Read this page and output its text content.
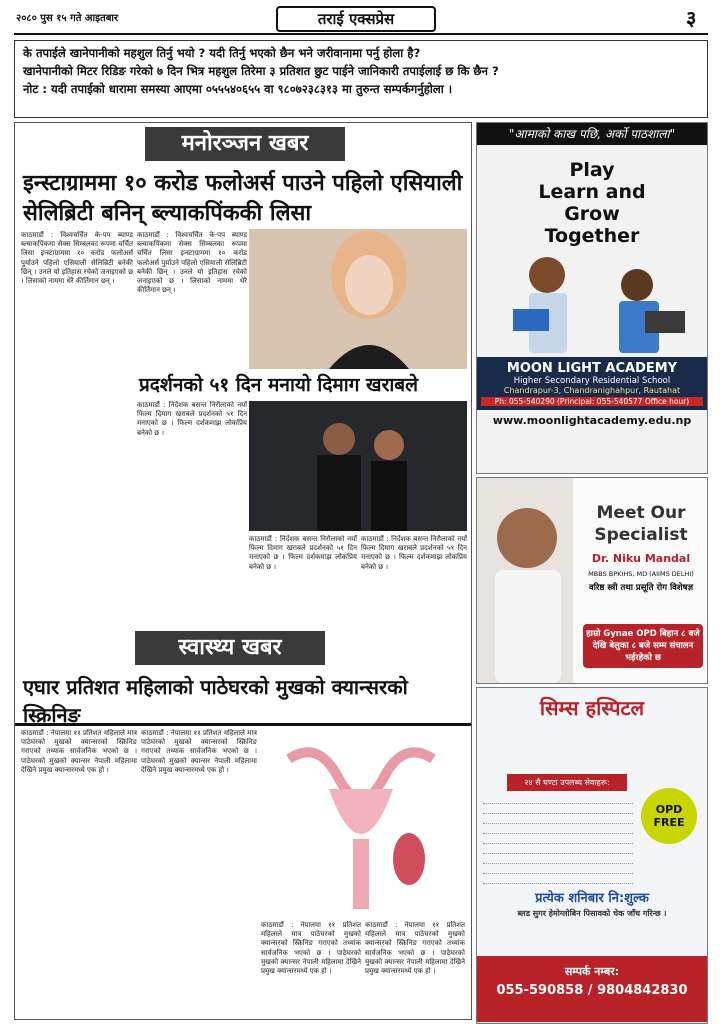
२०८० पुस १५ गते आइतबार	तराई एक्सप्रेस	३

के तपाईले खानेपानीको महशुल तिर्नु भयो ? यदी तिर्नु भएको छैन भने जरीवानामा पर्नु होला है?

खानेपानीको मिटर रिडिङ गरेको ७ दिन भित्र महशुल तिरेमा ३ प्रतिशत छुट पाईने जानिकारी तपाईलाई छ कि छैन ?

नोट : यदी तपाईको धारामा समस्या आएमा ०५५५४०६५५ वा ९८०७२३८३१३ मा तुरुन्त सम्पर्कगर्नुहोला ।

मनोरञ्जन खबर
इन्स्टाग्राममा १० करोड फलोअर्स पाउने पहिलो एसियाली सेलिब्रिटी बनिन् ब्ल्याकपिंककी लिसा
काठमाडौं : विश्वचर्चित के-पप ब्याण्ड ब्ल्याकपिंकमा सेक्स सिम्बलका रूपमा चर्चित लिसा इन्स्टाग्राममा १० करोड फलोअर्स पुर्याउने पहिलो एसियाली सेलिब्रिटी बनेकी छिन् । उनले यो इतिहास रचेको जनाइएको छ । लिसाको नाममा धेरै कीर्तिमान छन् ।
काठमाडौं : विश्वचर्चित के-पप ब्याण्ड ब्ल्याकपिंकमा सेक्स सिम्बलका रूपमा चर्चित लिसा इन्स्टाग्राममा १० करोड फलोअर्स पुर्याउने पहिलो एसियाली सेलिब्रिटी बनेकी छिन् । उनले यो इतिहास रचेको जनाइएको छ । लिसाको नाममा धेरै कीर्तिमान छन् ।
प्रदर्शनको ५१ दिन मनायो दिमाग खराबले
काठमाडौं : निर्देशक बसन्त निरौलाको नयाँ फिल्म दिमाग खराबले प्रदर्शनको ५१ दिन मनाएको छ । फिल्म दर्शकमाझ लोकप्रिय बनेको छ ।
काठमाडौं : निर्देशक बसन्त निरौलाको नयाँ फिल्म दिमाग खराबले प्रदर्शनको ५१ दिन मनाएको छ । फिल्म दर्शकमाझ लोकप्रिय बनेको छ ।
काठमाडौं : निर्देशक बसन्त निरौलाको नयाँ फिल्म दिमाग खराबले प्रदर्शनको ५१ दिन मनाएको छ । फिल्म दर्शकमाझ लोकप्रिय बनेको छ ।
स्वास्थ्य खबर
एघार प्रतिशत महिलाको पाठेघरको मुखको क्यान्सरको स्क्रिनिङ
काठमाडौं : नेपालमा ११ प्रतिशत महिलाले मात्र पाठेघरको मुखको क्यान्सरको स्क्रिनिङ गराएको तथ्यांक सार्वजनिक भएको छ । पाठेघरको मुखको क्यान्सर नेपाली महिलामा देखिने प्रमुख क्यान्सरमध्ये एक हो ।
काठमाडौं : नेपालमा ११ प्रतिशत महिलाले मात्र पाठेघरको मुखको क्यान्सरको स्क्रिनिङ गराएको तथ्यांक सार्वजनिक भएको छ । पाठेघरको मुखको क्यान्सर नेपाली महिलामा देखिने प्रमुख क्यान्सरमध्ये एक हो ।
काठमाडौं : नेपालमा ११ प्रतिशत महिलाले मात्र पाठेघरको मुखको क्यान्सरको स्क्रिनिङ गराएको तथ्यांक सार्वजनिक भएको छ । पाठेघरको मुखको क्यान्सर नेपाली महिलामा देखिने प्रमुख क्यान्सरमध्ये एक हो ।
काठमाडौं : नेपालमा ११ प्रतिशत महिलाले मात्र पाठेघरको मुखको क्यान्सरको स्क्रिनिङ गराएको तथ्यांक सार्वजनिक भएको छ । पाठेघरको मुखको क्यान्सर नेपाली महिलामा देखिने प्रमुख क्यान्सरमध्ये एक हो ।
"आमाको काख पछि, अर्को पाठशाला"
Play
Learn and
Grow
Together
MOON LIGHT ACADEMY
Higher Secondary Residential School
Chandrapur-3, Chandranighahpur, Rautahat
Ph: 055-540290 (Principal: 055-540577 Office hour)
www.moonlightacademy.edu.np
Meet Our Specialist
Dr. Niku Mandal
MBBS BPKIHS, MD (AIIMS DELHI)
वरिष्ठ स्त्री तथा प्रसूति रोग विशेषज्ञ
हाम्रो Gynae OPD बिहान ८ बजे देखि बेलुका ८ बजे सम्म संचालन भईरहेको छ
सिम्स हस्पिटल
२४ सै घण्टा उपलब्ध सेवाहरू:
OPD FREE
प्रत्येक शनिबार नि:शुल्क
ब्लड सुगर हेमोग्लोबिन पिसावको चेक जाँच गरिन्छ ।
सम्पर्क नम्बर:
055-590858 / 9804842830
